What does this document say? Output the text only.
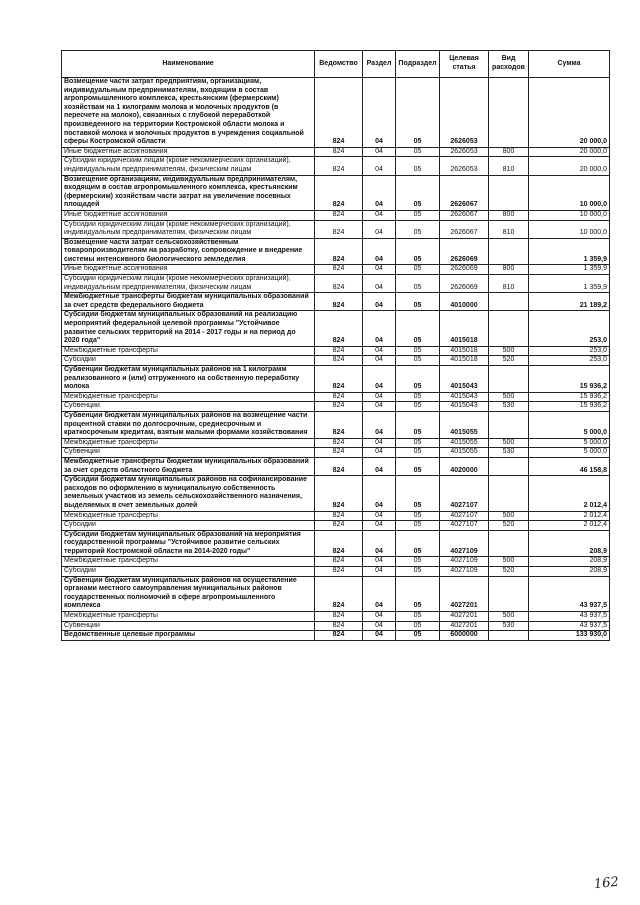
Наименование	Ведомство	Раздел	Подраздел	Целевая статья	Вид расходов	Сумма
Возмещение части затрат предприятиям, организациям, индивидуальным предпринимателям, входящим в состав агропромышленного комплекса, крестьянским (фермерским) хозяйствам на 1 килограмм молока и молочных продуктов (в пересчете на молоко), связанных с глубокой переработкой произведенного на территории Костромской области молока и поставкой молока и молочных продуктов в учреждения социальной сферы Костромской области	824	04	05	2626053		20 000,0
Иные бюджетные ассигнования	824	04	05	2626053	800	20 000,0
Субсидии юридическим лицам (кроме некоммерческих организаций), индивидуальным предпринимателям, физическим лицам	824	04	05	2626053	810	20 000,0
Возмещение организациям, индивидуальным предпринимателям, входящим в состав агропромышленного комплекса, крестьянским (фермерским) хозяйствам части затрат на увеличение посевных площадей	824	04	05	2626067		10 000,0
Иные бюджетные ассигнования	824	04	05	2626067	800	10 000,0
Субсидии юридическим лицам (кроме некоммерческих организаций), индивидуальным предпринимателям, физическим лицам	824	04	05	2626067	810	10 000,0
Возмещение части затрат сельскохозяйственным товаропроизводителям на разработку, сопровождение и внедрение системы интенсивного биологического земледелия	824	04	05	2626069		1 359,9
Иные бюджетные ассигнования	824	04	05	2626069	800	1 359,9
Субсидии юридическим лицам (кроме некоммерческих организаций), индивидуальным предпринимателям, физическим лицам	824	04	05	2626069	810	1 359,9
Межбюджетные трансферты бюджетам муниципальных образований за счет средств федерального бюджета	824	04	05	4010000		21 189,2
Субсидии бюджетам муниципальных образований на реализацию мероприятий федеральной целевой программы "Устойчивое развитие сельских территорий на 2014 - 2017 годы и на период до 2020 года"	824	04	05	4015018		253,0
Межбюджетные трансферты	824	04	05	4015018	500	253,0
Субсидии	824	04	05	4015018	520	253,0
Субвенции бюджетам муниципальных районов на 1 килограмм реализованного и (или) отгруженного на собственную переработку молока	824	04	05	4015043		15 936,2
Межбюджетные трансферты	824	04	05	4015043	500	15 936,2
Субвенции	824	04	05	4015043	530	15 936,2
Субвенции бюджетам муниципальных районов на возмещение части процентной ставки по долгосрочным, среднесрочным и краткосрочным кредитам, взятым малыми формами хозяйствования	824	04	05	4015055		5 000,0
Межбюджетные трансферты	824	04	05	4015055	500	5 000,0
Субвенции	824	04	05	4015055	530	5 000,0
Межбюджетные трансферты бюджетам муниципальных образований за счет средств областного бюджета	824	04	05	4020000		46 158,8
Субсидии бюджетам муниципальных районов на софинансирование расходов по оформлению в муниципальную собственность земельных участков из земель сельскохозяйственного назначения, выделяемых в счет земельных долей	824	04	05	4027107		2 012,4
Межбюджетные трансферты	824	04	05	4027107	500	2 012,4
Субсидии	824	04	05	4027107	520	2 012,4
Субсидии бюджетам муниципальных образований на мероприятия государственной программы "Устойчивое развитие сельских территорий Костромской области на 2014-2020 годы"	824	04	05	4027109		208,9
Межбюджетные трансферты	824	04	05	4027109	500	208,9
Субсидии	824	04	05	4027109	520	208,9
Субвенции бюджетам муниципальных районов на осуществление органами местного самоуправления муниципальных районов государственных полномочий в сфере агропромышленного комплекса	824	04	05	4027201		43 937,5
Межбюджетные трансферты	824	04	05	4027201	500	43 937,5
Субвенции	824	04	05	4027201	530	43 937,5
Ведомственные целевые программы	824	04	05	6000000		133 930,0
162
